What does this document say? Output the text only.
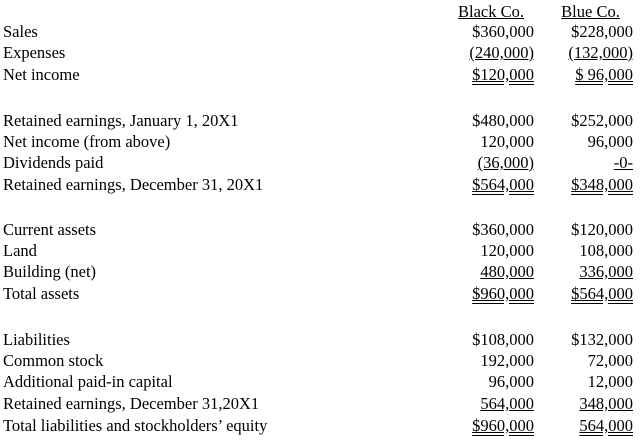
Black Co.	Blue Co.
Sales	$360,000	$228,000
Expenses	(240,000)	(132,000)
Net income	$120,000	$ 96,000
Retained earnings, January 1, 20X1	$480,000	$252,000
Net income (from above)	120,000	96,000
Dividends paid	(36,000)	-0-
Retained earnings, December 31, 20X1	$564,000	$348,000
Current assets	$360,000	$120,000
Land	120,000	108,000
Building (net)	480,000	336,000
Total assets	$960,000	$564,000
Liabilities	$108,000	$132,000
Common stock	192,000	72,000
Additional paid-in capital	96,000	12,000
Retained earnings, December 31,20X1	564,000	348,000
Total liabilities and stockholders’ equity	$960,000	564,000
